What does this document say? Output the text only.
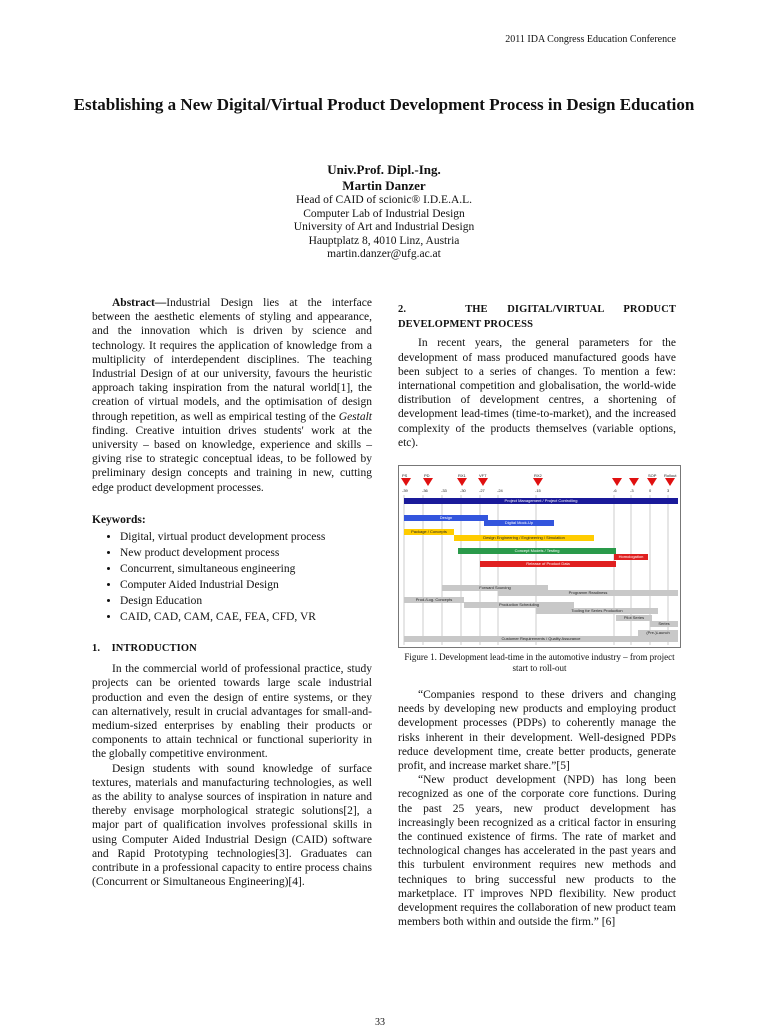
2011 IDA Congress Education Conference
Establishing a New Digital/Virtual Product Development Process in Design Education
Univ.Prof. Dipl.-Ing.
Martin Danzer
Head of CAID of scionic® I.D.E.A.L.
Computer Lab of Industrial Design
University of Art and Industrial Design
Hauptplatz 8, 4010 Linz, Austria
martin.danzer@ufg.ac.at

Abstract—Industrial Design lies at the interface between the aesthetic elements of styling and appearance, and the innovation which is driven by science and technology. It requires the application of knowledge from a multiplicity of interdependent disciplines. The teaching Industrial Design of at our university, favours the heuristic approach taking inspiration from the natural world[1], the creation of virtual models, and the optimisation of design through repetition, as well as empirical testing of the Gestalt finding. Creative intuition drives students' work at the university – based on knowledge, experience and skills – giving rise to strategic conceptual ideas, to be followed by preliminary design concepts and training in new, cutting edge product development processes.

Keywords:
• Digital, virtual product development process
• New product development process
• Concurrent, simultaneous engineering
• Computer Aided Industrial Design
• Design Education
• CAID, CAD, CAM, CAE, FEA, CFD, VR
1. INTRODUCTION

In the commercial world of professional practice, study projects can be oriented towards large scale industrial production and even the design of entire systems, or they can alternatively, result in crucial advantages for small-and-medium-sized enterprises by enabling their products or components to attain technical or functional superiority in the globally competitive environment.

Design students with sound knowledge of surface textures, materials and manufacturing technologies, as well as the ability to analyse sources of inspiration in nature and thereby envisage morphological strategic solutions[2], a major part of qualification involves professional skills in using Computer Aided Industrial Design (CAID) software and Rapid Prototyping technologies[3]. Graduates can contribute in a professional capacity to entire process chains (Concurrent or Simultaneous Engineering)[4].

2.	THE DIGITAL/VIRTUAL PRODUCT DEVELOPMENT PROCESS

In recent years, the general parameters for the development of mass produced manufactured goods have been subject to a series of changes. To mention a few: international competition and globalisation, the world-wide distribution of development centres, a shortening of development lead-times (time-to-market), and the increased complexity of the products themselves (variable options, etc).

PS	PD	RX1	VFT	RX2	SOP Rollout
-39	-36	-33	-30	-27	-24	-15	-6	-3	0	3
Project Management / Project Controlling
Design
Digital Mock-Up
Package / Concepts
Design Engineering / Engineering / Simulation
Concept Models / Testing
Homologation
Release of Product Data
Forward Sourcing
Programm Readiness
Prod./Log. Concepts
Production Scheduling
Tooling for Series Production
Pilot Series
Series
(Pre-)Launch
Customer Requirements / Quality Assurance
Figure 1. Development lead-time in the automotive industry – from project start to roll-out

“Companies respond to these drivers and changing needs by developing new products and employing product development processes (PDPs) to coherently manage the risks inherent in their development. Well-designed PDPs reduce development time, create better products, generate profit, and increase market share.”[5]

“New product development (NPD) has long been recognized as one of the corporate core functions. During the past 25 years, new product development has increasingly been recognized as a critical factor in ensuring the continued existence of firms. The rate of market and technological changes has accelerated in the past years and this turbulent environment requires new methods and techniques to bring successful new products to the marketplace. IT improves NPD flexibility. New product development requires the collaboration of new product team members both within and outside the firm.” [6]

33
